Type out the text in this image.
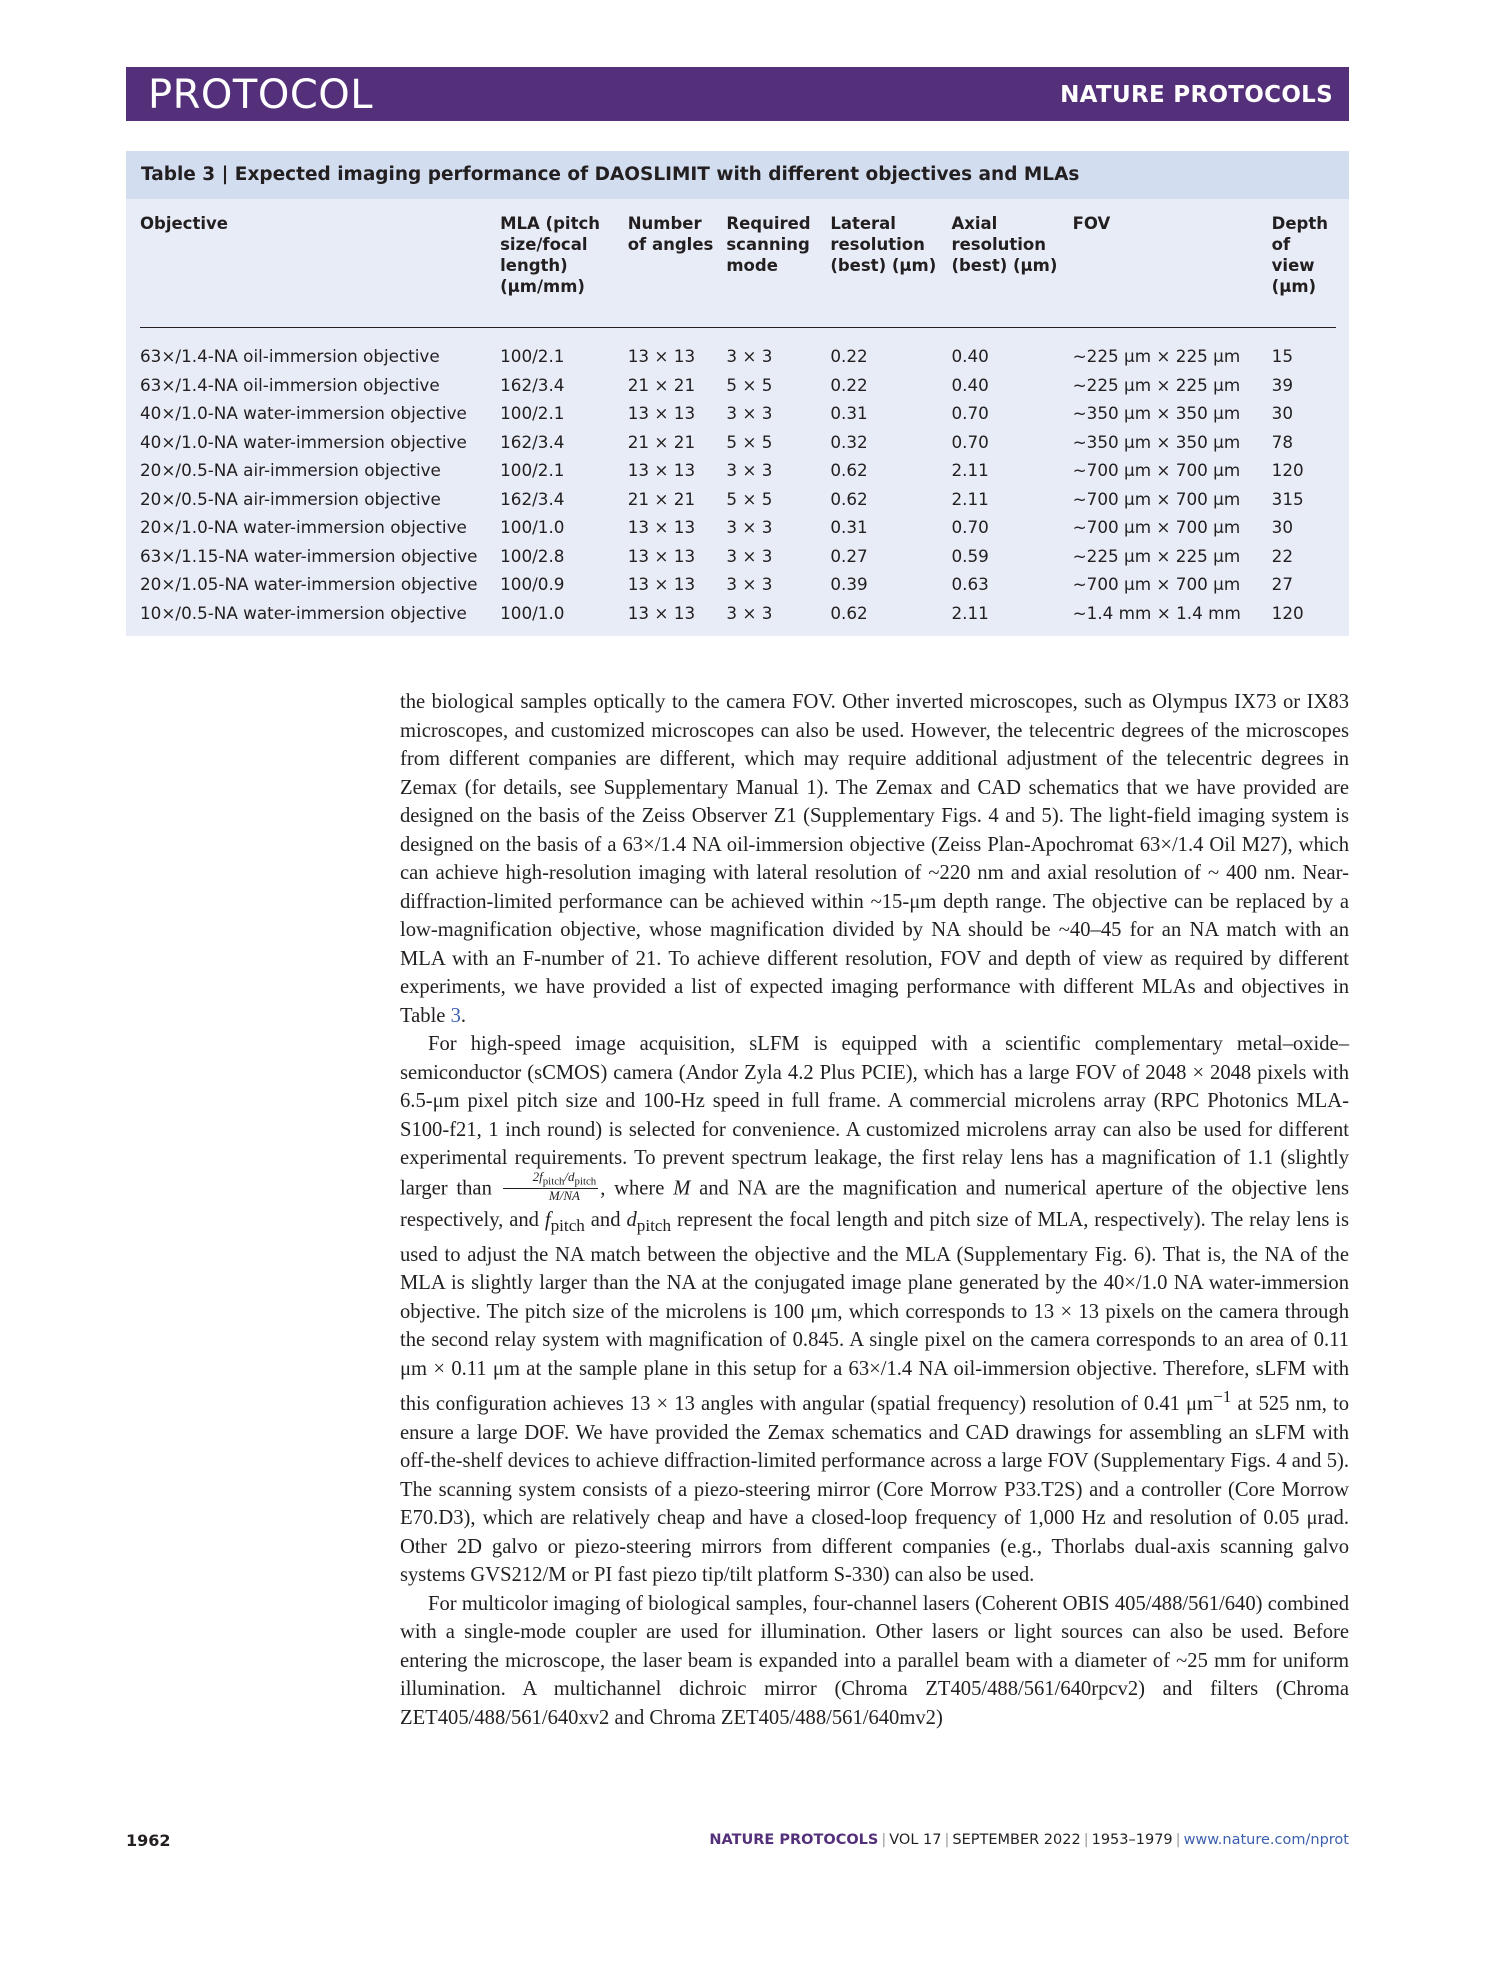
PROTOCOL	NATURE PROTOCOLS
Table 3 | Expected imaging performance of DAOSLIMIT with different objectives and MLAs
Objective	MLA (pitch size/focal length) (μm/mm)	Number of angles	Required scanning mode	Lateral resolution (best) (μm)	Axial resolution (best) (μm)	FOV	Depth of view (μm)
63×/1.4-NA oil-immersion objective	100/2.1	13 × 13	3 × 3	0.22	0.40	~225 μm × 225 μm	15
63×/1.4-NA oil-immersion objective	162/3.4	21 × 21	5 × 5	0.22	0.40	~225 μm × 225 μm	39
40×/1.0-NA water-immersion objective	100/2.1	13 × 13	3 × 3	0.31	0.70	~350 μm × 350 μm	30
40×/1.0-NA water-immersion objective	162/3.4	21 × 21	5 × 5	0.32	0.70	~350 μm × 350 μm	78
20×/0.5-NA air-immersion objective	100/2.1	13 × 13	3 × 3	0.62	2.11	~700 μm × 700 μm	120
20×/0.5-NA air-immersion objective	162/3.4	21 × 21	5 × 5	0.62	2.11	~700 μm × 700 μm	315
20×/1.0-NA water-immersion objective	100/1.0	13 × 13	3 × 3	0.31	0.70	~700 μm × 700 μm	30
63×/1.15-NA water-immersion objective	100/2.8	13 × 13	3 × 3	0.27	0.59	~225 μm × 225 μm	22
20×/1.05-NA water-immersion objective	100/0.9	13 × 13	3 × 3	0.39	0.63	~700 μm × 700 μm	27
10×/0.5-NA water-immersion objective	100/1.0	13 × 13	3 × 3	0.62	2.11	~1.4 mm × 1.4 mm	120

the biological samples optically to the camera FOV. Other inverted microscopes, such as Olympus IX73 or IX83 microscopes, and customized microscopes can also be used. However, the telecentric degrees of the microscopes from different companies are different, which may require additional adjustment of the telecentric degrees in Zemax (for details, see Supplementary Manual 1). The Zemax and CAD schematics that we have provided are designed on the basis of the Zeiss Observer Z1 (Supplementary Figs. 4 and 5). The light-field imaging system is designed on the basis of a 63×/1.4 NA oil-immersion objective (Zeiss Plan-Apochromat 63×/1.4 Oil M27), which can achieve high-resolution imaging with lateral resolution of ~220 nm and axial resolution of ~ 400 nm. Near-diffraction-limited performance can be achieved within ~15-μm depth range. The objective can be replaced by a low-magnification objective, whose magnification divided by NA should be ~40–45 for an NA match with an MLA with an F-number of 21. To achieve different resolution, FOV and depth of view as required by different experiments, we have provided a list of expected imaging performance with different MLAs and objectives in Table 3.

For high-speed image acquisition, sLFM is equipped with a scientific complementary metal–oxide–semiconductor (sCMOS) camera (Andor Zyla 4.2 Plus PCIE), which has a large FOV of 2048 × 2048 pixels with 6.5-μm pixel pitch size and 100-Hz speed in full frame. A commercial microlens array (RPC Photonics MLA-S100-f21, 1 inch round) is selected for convenience. A customized microlens array can also be used for different experimental requirements. To prevent spectrum leakage, the first relay lens has a magnification of 1.1 (slightly larger than $\frac{2f_{pitch}/d_{pitch}}{M/NA}$ , where M and NA are the magnification and numerical aperture of the objective lens respectively, and $f_{pitch}$ and $d_{pitch}$ represent the focal length and pitch size of MLA, respectively). The relay lens is used to adjust the NA match between the objective and the MLA (Supplementary Fig. 6). That is, the NA of the MLA is slightly larger than the NA at the conjugated image plane generated by the 40×/1.0 NA water-immersion objective. The pitch size of the microlens is 100 μm, which corresponds to 13 × 13 pixels on the camera through the second relay system with magnification of 0.845. A single pixel on the camera corresponds to an area of 0.11 μm × 0.11 μm at the sample plane in this setup for a 63×/1.4 NA oil-immersion objective. Therefore, sLFM with this configuration achieves 13 × 13 angles with angular (spatial frequency) resolution of 0.41 $\mu m^{-1}$ at 525 nm, to ensure a large DOF. We have provided the Zemax schematics and CAD drawings for assembling an sLFM with off-the-shelf devices to achieve diffraction-limited performance across a large FOV (Supplementary Figs. 4 and 5). The scanning system consists of a piezo-steering mirror (Core Morrow P33.T2S) and a controller (Core Morrow E70.D3), which are relatively cheap and have a closed-loop frequency of 1,000 Hz and resolution of 0.05 μrad. Other 2D galvo or piezo-steering mirrors from different companies (e.g., Thorlabs dual-axis scanning galvo systems GVS212/M or PI fast piezo tip/tilt platform S-330) can also be used.

For multicolor imaging of biological samples, four-channel lasers (Coherent OBIS 405/488/561/640) combined with a single-mode coupler are used for illumination. Other lasers or light sources can also be used. Before entering the microscope, the laser beam is expanded into a parallel beam with a diameter of ~25 mm for uniform illumination. A multichannel dichroic mirror (Chroma ZT405/488/561/640rpcv2) and filters (Chroma ZET405/488/561/640xv2 and Chroma ZET405/488/561/640mv2)

1962	NATURE PROTOCOLS | VOL 17 | SEPTEMBER 2022 | 1953–1979 | www.nature.com/nprot
